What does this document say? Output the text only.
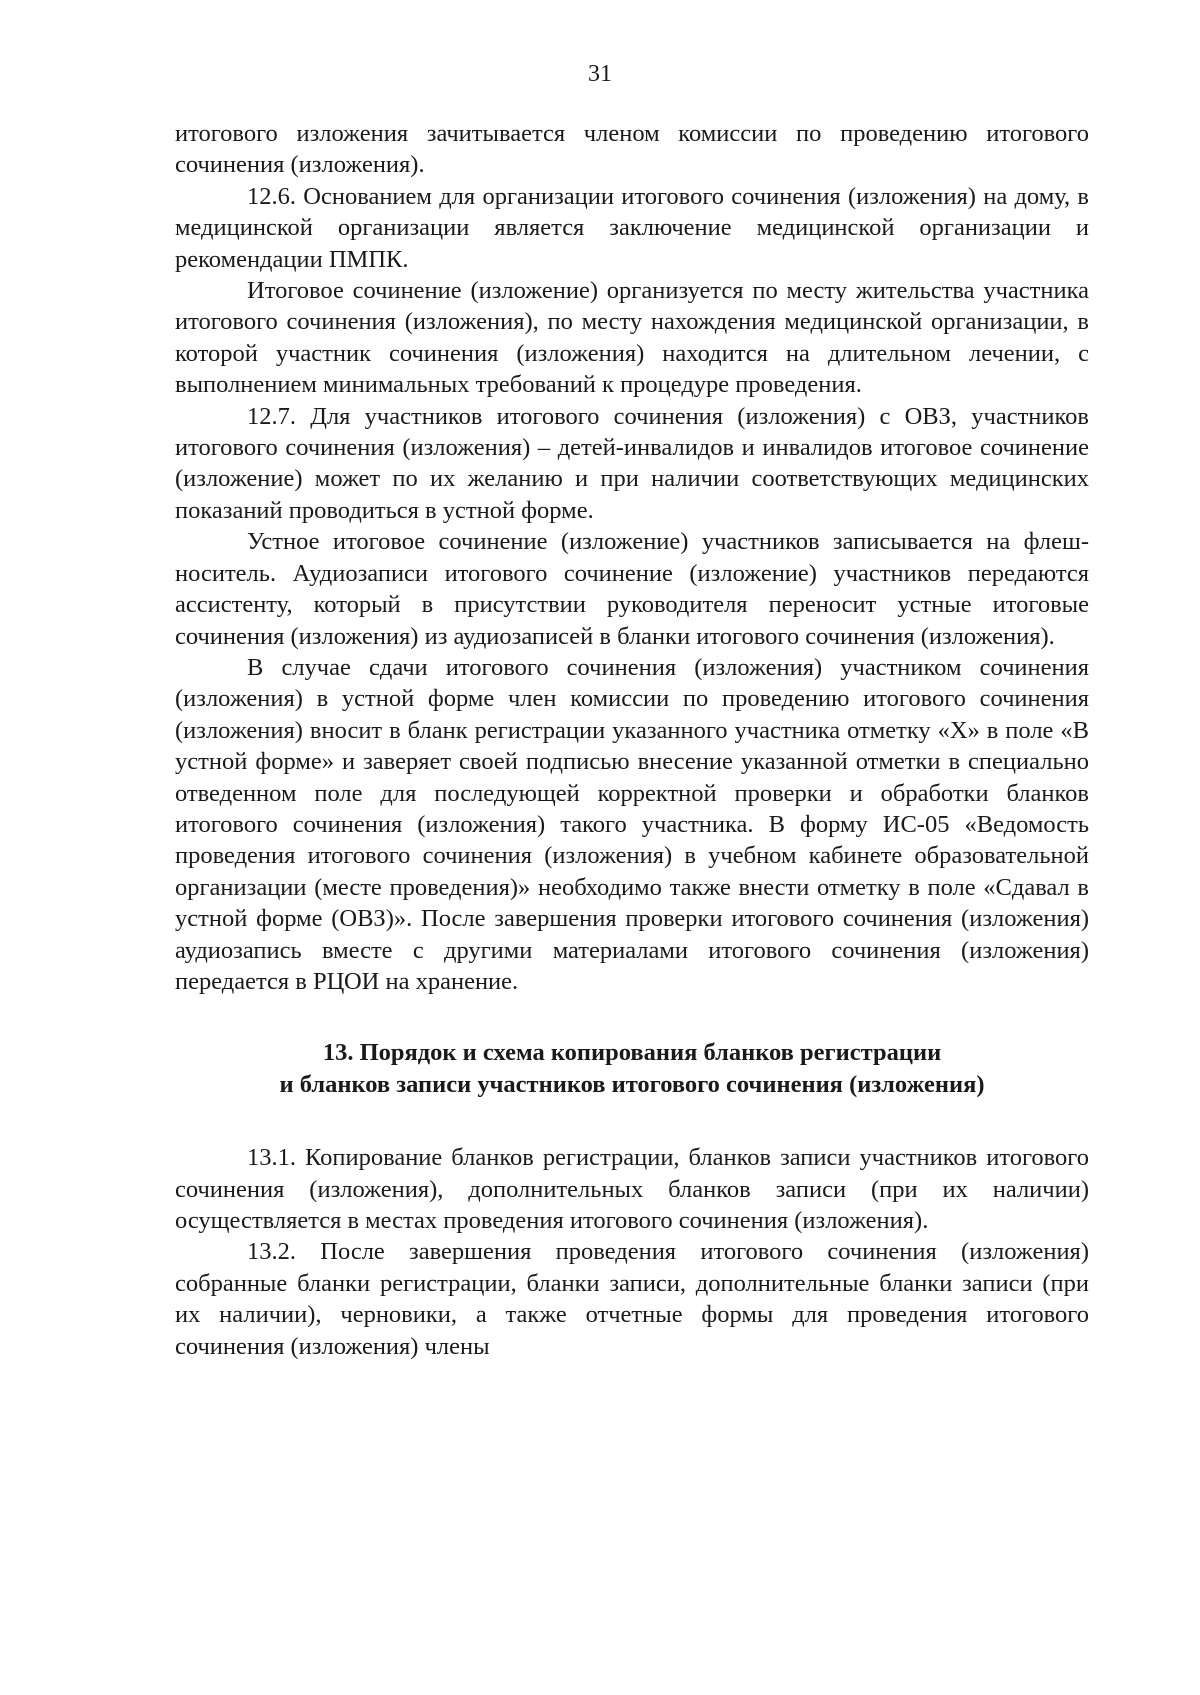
31

итогового изложения зачитывается членом комиссии по проведению итогового сочинения (изложения).

12.6. Основанием для организации итогового сочинения (изложения) на дому, в медицинской организации является заключение медицинской организации и рекомендации ПМПК.

Итоговое сочинение (изложение) организуется по месту жительства участника итогового сочинения (изложения), по месту нахождения медицинской организации, в которой участник сочинения (изложения) находится на длительном лечении, с выполнением минимальных требований к процедуре проведения.

12.7. Для участников итогового сочинения (изложения) с ОВЗ, участников итогового сочинения (изложения) – детей-инвалидов и инвалидов итоговое сочинение (изложение) может по их желанию и при наличии соответствующих медицинских показаний проводиться в устной форме.

Устное итоговое сочинение (изложение) участников записывается на флеш-носитель. Аудиозаписи итогового сочинение (изложение) участников передаются ассистенту, который в присутствии руководителя переносит устные итоговые сочинения (изложения) из аудиозаписей в бланки итогового сочинения (изложения).

В случае сдачи итогового сочинения (изложения) участником сочинения (изложения) в устной форме член комиссии по проведению итогового сочинения (изложения) вносит в бланк регистрации указанного участника отметку «Х» в поле «В устной форме» и заверяет своей подписью внесение указанной отметки в специально отведенном поле для последующей корректной проверки и обработки бланков итогового сочинения (изложения) такого участника. В форму ИС-05 «Ведомость проведения итогового сочинения (изложения) в учебном кабинете образовательной организации (месте проведения)» необходимо также внести отметку в поле «Сдавал в устной форме (ОВЗ)». После завершения проверки итогового сочинения (изложения) аудиозапись вместе с другими материалами итогового сочинения (изложения) передается в РЦОИ на хранение.

13. Порядок и схема копирования бланков регистрации
и бланков записи участников итогового сочинения (изложения)

13.1. Копирование бланков регистрации, бланков записи участников итогового сочинения (изложения), дополнительных бланков записи (при их наличии) осуществляется в местах проведения итогового сочинения (изложения).

13.2. После завершения проведения итогового сочинения (изложения) собранные бланки регистрации, бланки записи, дополнительные бланки записи (при их наличии), черновики, а также отчетные формы для проведения итогового сочинения (изложения) члены
